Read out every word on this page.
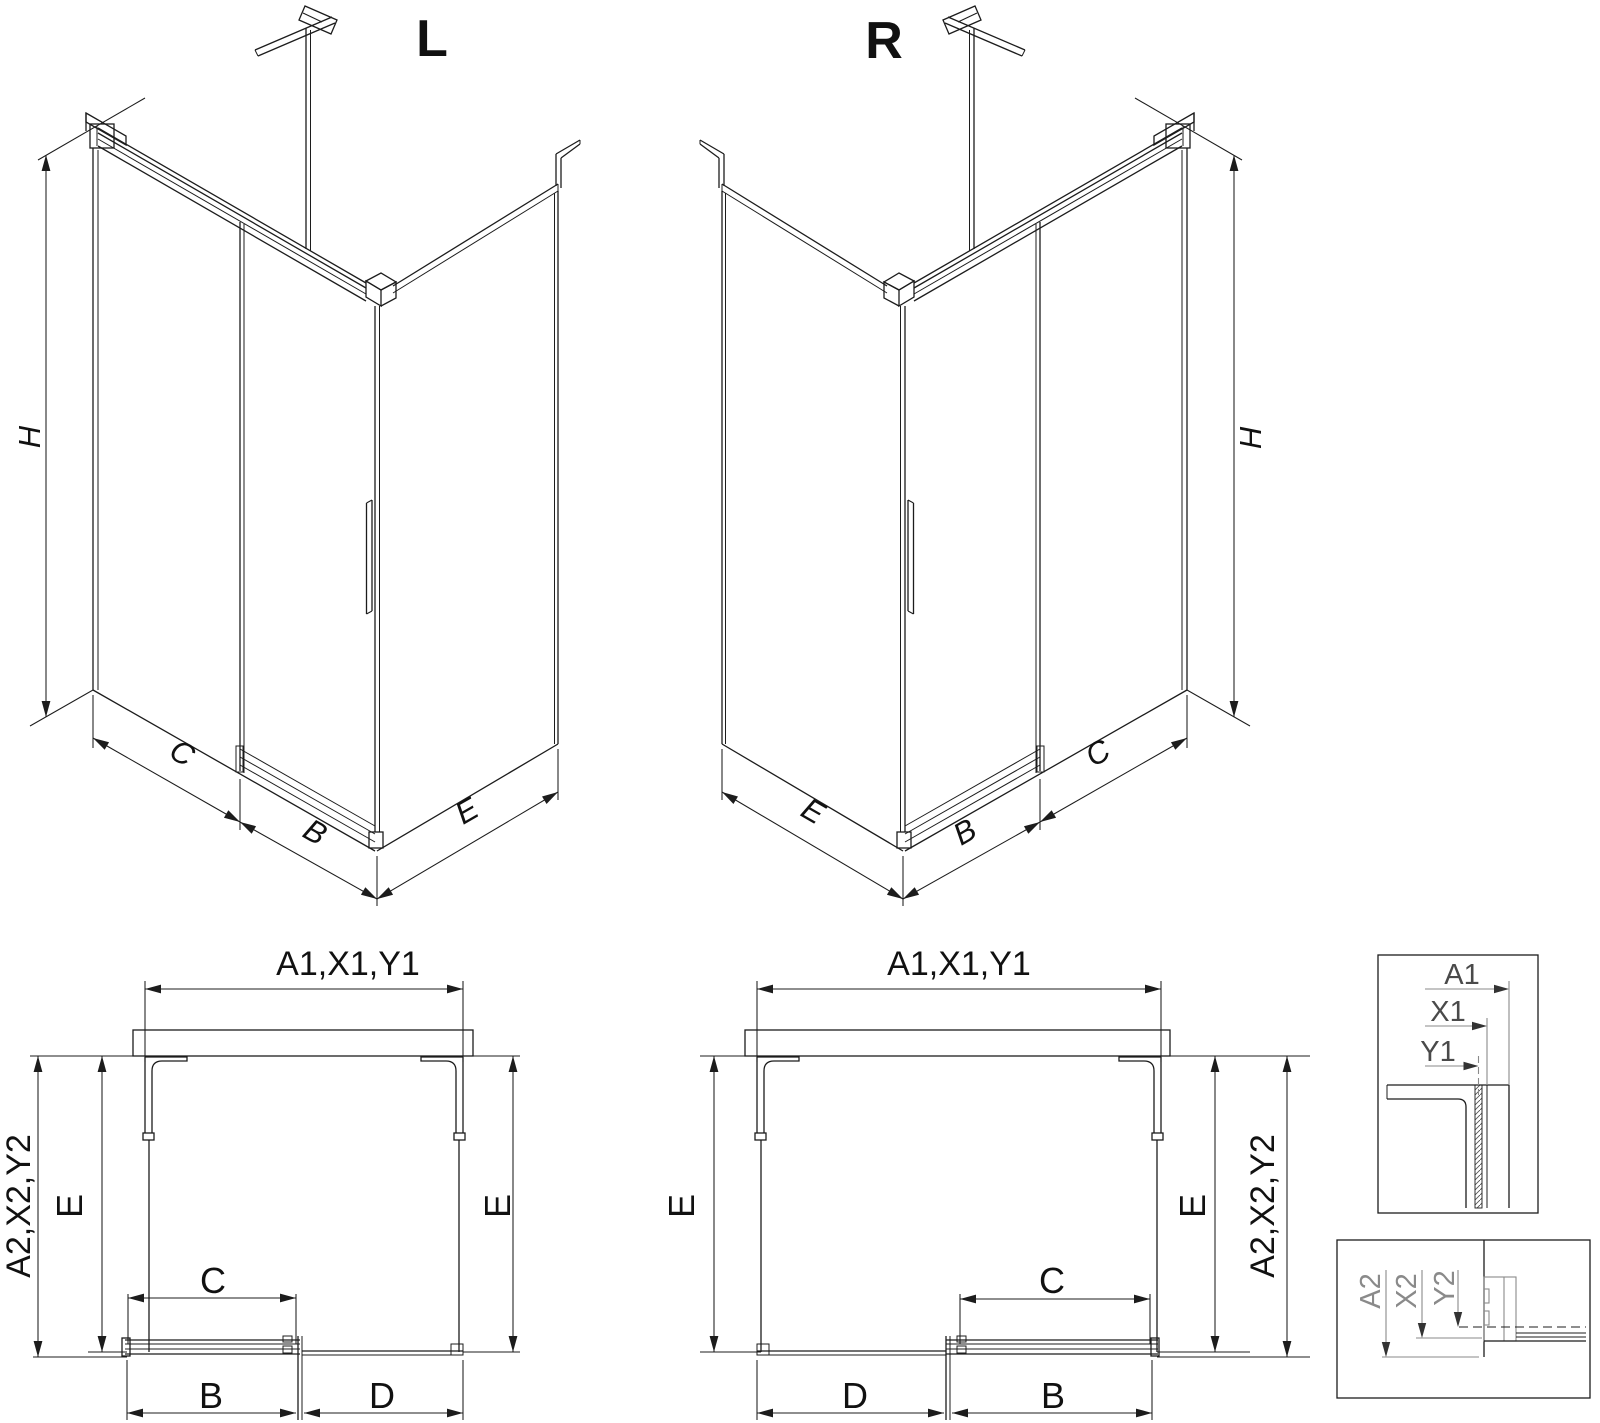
L	R
H
C
B
E
H
C
B
E
A1,X1,Y1
A2,X2,Y2 E	E
C
B	D
A1,X1,Y1
E	E A2,X2,Y2
C
B
D
A1
X1
Y1
A2 X2 Y2
